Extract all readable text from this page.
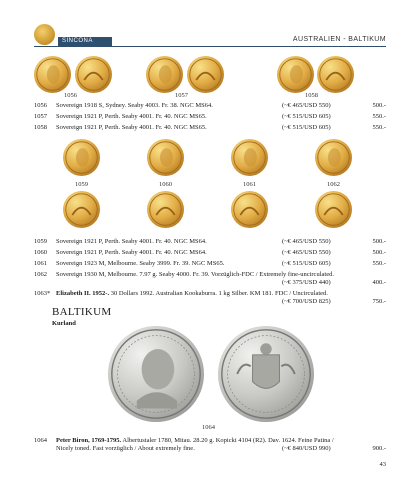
SINCONA	AUSTRALIEN - BALTIKUM
1056	1057	1058
1056 Sovereign 1918 S, Sydney. Seaby 4003. Fr. 38. NGC MS64.	(~€ 465/USD 550)	500.-
1057 Sovereign 1921 P, Perth. Seaby 4001. Fr. 40. NGC MS65.	(~€ 515/USD 605)	550.-
1058 Sovereign 1921 P, Perth. Seaby 4001. Fr. 40. NGC MS65.	(~€ 515/USD 605)	550.-
1059	1060	1061	1062
1059 Sovereign 1921 P, Perth. Seaby 4001. Fr. 40. NGC MS64.	(~€ 465/USD 550)	500.-
1060 Sovereign 1921 P, Perth. Seaby 4001. Fr. 40. NGC MS64.	(~€ 465/USD 550)	500.-
1061 Sovereign 1923 M, Melbourne. Seaby 3999. Fr. 39. NGC MS65.	(~€ 515/USD 605)	550.-
1062 Sovereign 1930 M, Melbourne. 7.97 g. Seaby 4000. Fr. 39. Vorzüglich-FDC / Extremely fine-uncirculated.
(~€ 375/USD 440)	400.-
1063* Elizabeth II. 1952-. 30 Dollars 1992. Australian Kookaburra. 1 kg Silber. KM 181. FDC / Uncirculated.
(~€ 700/USD 825)	750.-
BALTIKUM
Kurland
1064
1064 Peter Biron, 1769-1795. Albertustaler 1780, Mitau. 28.20 g. Kopicki 4104 (R2). Dav. 1624. Feine Patina /
Nicely toned. Fast vorzüglich / About extremely fine.	(~€ 840/USD 990)	900.-
43
